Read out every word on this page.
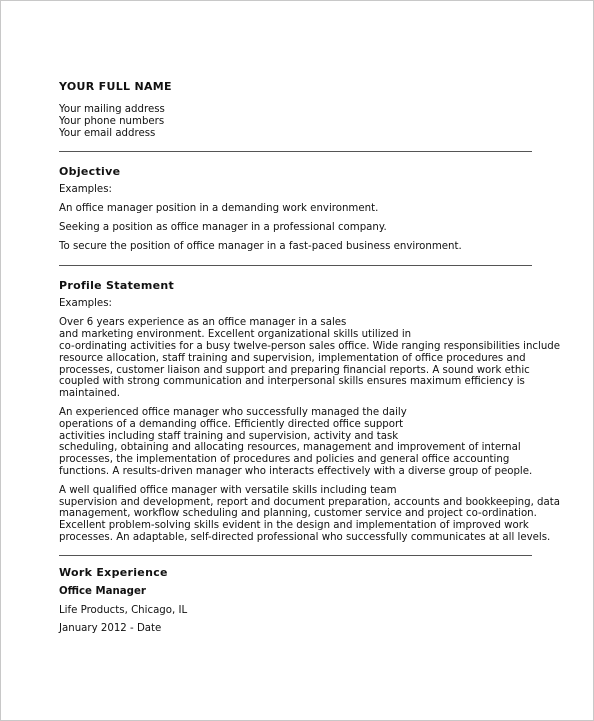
YOUR FULL NAME
Your mailing address
Your phone numbers
Your email address
Objective
Examples:
An office manager position in a demanding work environment.
Seeking a position as office manager in a professional company.
To secure the position of office manager in a fast-paced business environment.
Profile Statement
Examples:
Over 6 years experience as an office manager in a sales
and marketing environment. Excellent organizational skills utilized in
co-ordinating activities for a busy twelve-person sales office. Wide ranging responsibilities include
resource allocation, staff training and supervision, implementation of office procedures and
processes, customer liaison and support and preparing financial reports. A sound work ethic
coupled with strong communication and interpersonal skills ensures maximum efficiency is
maintained.
An experienced office manager who successfully managed the daily
operations of a demanding office. Efficiently directed office support
activities including staff training and supervision, activity and task
scheduling, obtaining and allocating resources, management and improvement of internal
processes, the implementation of procedures and policies and general office accounting
functions. A results-driven manager who interacts effectively with a diverse group of people.
A well qualified office manager with versatile skills including team
supervision and development, report and document preparation, accounts and bookkeeping, data
management, workflow scheduling and planning, customer service and project co-ordination.
Excellent problem-solving skills evident in the design and implementation of improved work
processes. An adaptable, self-directed professional who successfully communicates at all levels.
Work Experience
Office Manager
Life Products, Chicago, IL
January 2012 - Date
